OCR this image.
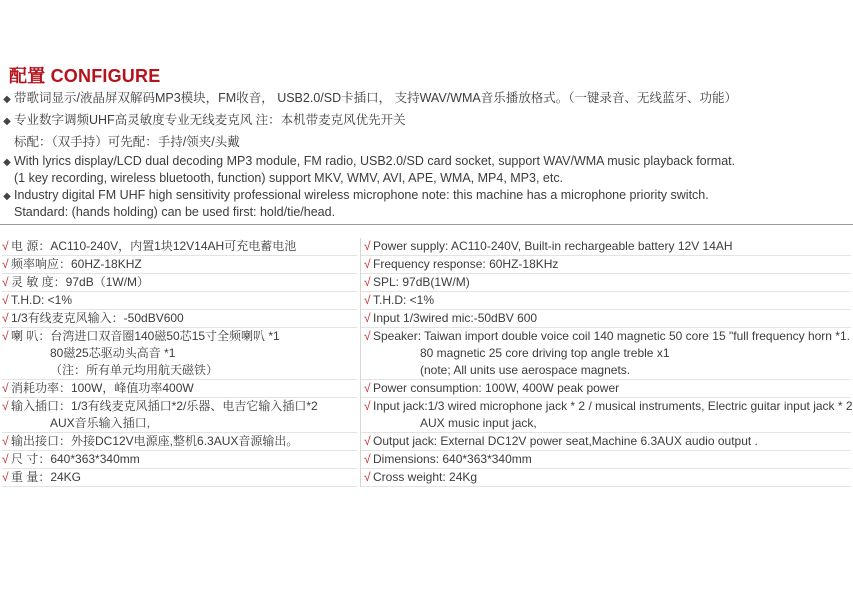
配置 CONFIGURE
◆ 带歌词显示/液晶屏双解码MP3模块，FM收音， USB2.0/SD卡插口， 支持WAV/WMA音乐播放格式。（一键录音、无线蓝牙、功能）
◆ 专业数字调频UHF高灵敏度专业无线麦克风 注：本机带麦克风优先开关
标配：（双手持）可先配：手持/领夹/头戴
◆ With lyrics display/LCD dual decoding MP3 module, FM radio, USB2.0/SD card socket, support WAV/WMA music playback format.
(1 key recording, wireless bluetooth, function) support MKV, WMV, AVI, APE, WMA, MP4, MP3, etc.
◆ Industry digital FM UHF high sensitivity professional wireless microphone note: this machine has a microphone priority switch.
Standard: (hands holding) can be used first: hold/tie/head.
√ 电 源：AC110-240V，内置1块12V14AH可充电蓄电池
√ 频率响应：60HZ-18KHZ
√ 灵 敏 度：97dB（1W/M）
√ T.H.D: <1%
√ 1/3有线麦克风输入：-50dBV600
√ 喇 叭：台湾进口双音圈140磁50芯15寸全频喇叭 *1
80磁25芯驱动头高音 *1
（注：所有单元均用航天磁铁）
√ 消耗功率：100W，峰值功率400W
√ 输入插口：1/3有线麦克风插口*2/乐器、电吉它输入插口*2
AUX音乐输入插口,
√ 输出接口：外接DC12V电源座,整机6.3AUX音源输出。
√ 尺 寸：640*363*340mm
√ 重 量：24KG
√ Power supply: AC110-240V, Built-in rechargeable battery 12V 14AH
√ Frequency response: 60HZ-18KHz
√ SPL: 97dB(1W/M)
√ T.H.D: <1%
√ Input 1/3wired mic:-50dBV 600
√ Speaker: Taiwan import double voice coil 140 magnetic 50 core 15 "full frequency horn *1.
80 magnetic 25 core driving top angle treble x1
(note; All units use aerospace magnets.
√ Power consumption: 100W, 400W peak power
√ Input jack:1/3 wired microphone jack * 2 / musical instruments, Electric guitar input jack * 2
AUX music input jack,
√ Output jack: External DC12V power seat,Machine 6.3AUX audio output .
√ Dimensions: 640*363*340mm
√ Cross weight: 24Kg
